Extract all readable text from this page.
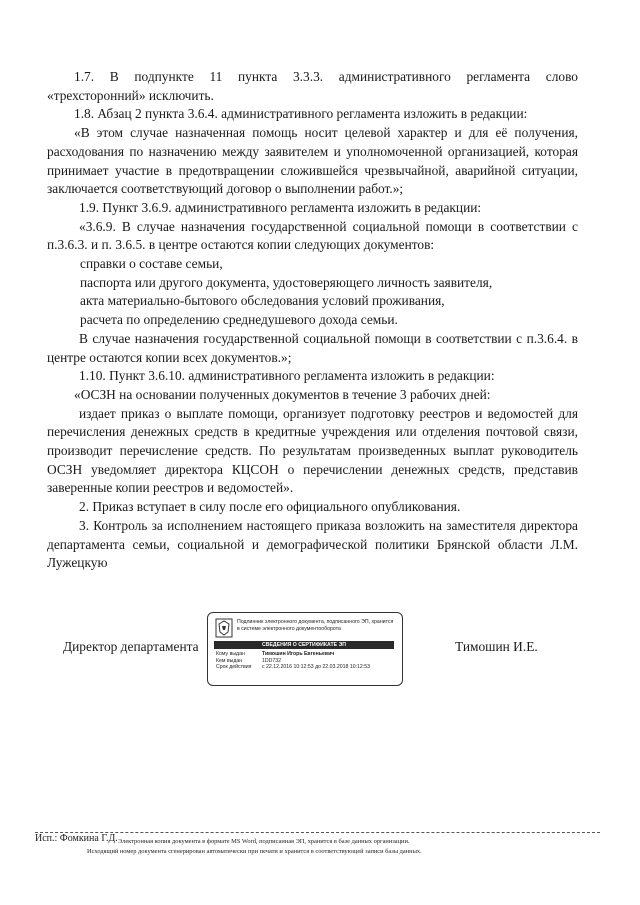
1.7. В подпункте 11 пункта 3.3.3. административного регламента слово «трехсторонний» исключить.

1.8. Абзац 2 пункта 3.6.4. административного регламента изложить в редакции:

«В этом случае назначенная помощь носит целевой характер и для её получения, расходования по назначению между заявителем и уполномоченной организацией, которая принимает участие в предотвращении сложившейся чрезвычайной, аварийной ситуации, заключается соответствующий договор о выполнении работ.»;

1.9. Пункт 3.6.9. административного регламента изложить в редакции:

«3.6.9. В случае назначения государственной социальной помощи в соответствии с п.3.6.3. и п. 3.6.5. в центре остаются копии следующих документов:

справки о составе семьи,

паспорта или другого документа, удостоверяющего личность заявителя,

акта материально-бытового обследования условий проживания,

расчета по определению среднедушевого дохода семьи.

В случае назначения государственной социальной помощи в соответствии с п.3.6.4. в центре остаются копии всех документов.»;

1.10. Пункт 3.6.10. административного регламента изложить в редакции:

«ОСЗН на основании полученных документов в течение 3 рабочих дней:

издает приказ о выплате помощи, организует подготовку реестров и ведомостей для перечисления денежных средств в кредитные учреждения или отделения почтовой связи, производит перечисление средств. По результатам произведенных выплат руководитель ОСЗН уведомляет директора КЦСОН о перечислении денежных средств, представив заверенные копии реестров и ведомостей».

2. Приказ вступает в силу после его официального опубликования.

3. Контроль за исполнением настоящего приказа возложить на заместителя директора департамента семьи, социальной и демографической политики Брянской области Л.М. Лужецкую

Директор департамента
Подлинник электронного документа, подписанного ЭП, хранится в системе электронного документооборота
СВЕДЕНИЯ О СЕРТИФИКАТЕ ЭП
Кому выдан	Тимошин Игорь Евгеньевич
Кем выдан	1DD732
Срок действия	с 22.12.2016 10:12:53 до 22.03.2018 10:12:53
Тимошин И.Е.
Исп.: Фомкина Г.Д. Электронная копия документа в формате MS Word, подписанная ЭП, хранится в базе данных организации.
Исходящий номер документа сгенерирован автоматически при печати и хранится в соответствующей записи базы данных.
